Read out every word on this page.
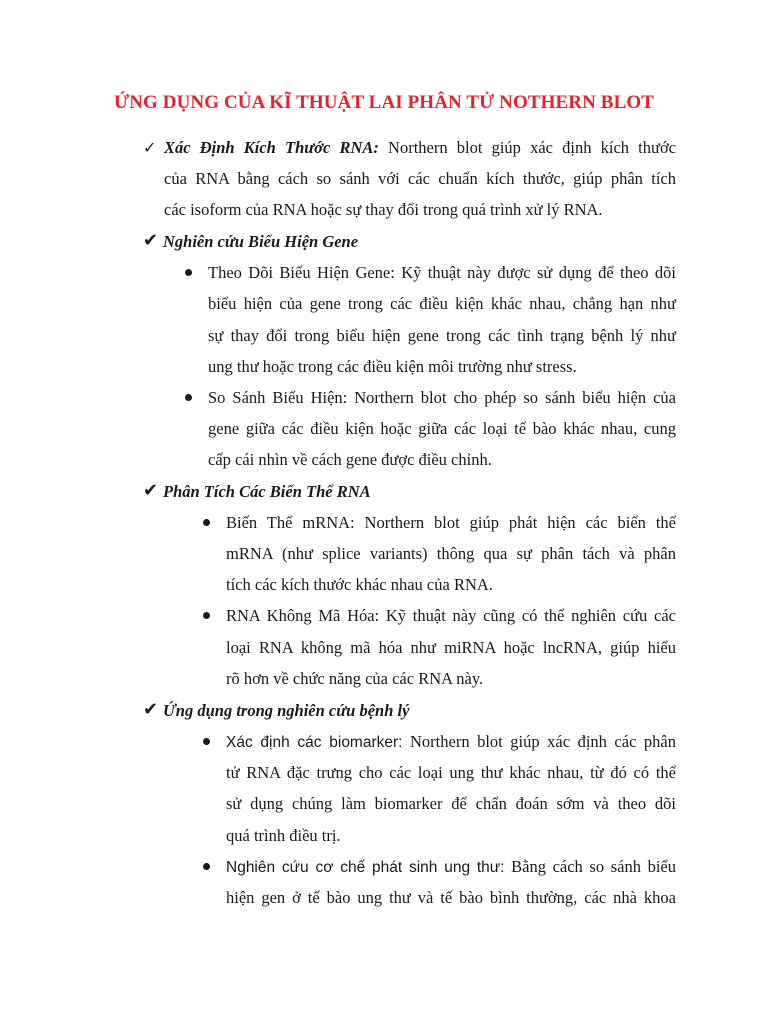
ỨNG DỤNG CỦA KĨ THUẬT LAI PHÂN TỬ NOTHERN BLOT
✓ Xác Định Kích Thước RNA: Northern blot giúp xác định kích thước
của RNA bằng cách so sánh với các chuẩn kích thước, giúp phân tích
các isoform của RNA hoặc sự thay đổi trong quá trình xử lý RNA.
✔ Nghiên cứu Biểu Hiện Gene
Theo Dõi Biểu Hiện Gene: Kỹ thuật này được sử dụng để theo dõi
biểu hiện của gene trong các điều kiện khác nhau, chẳng hạn như
sự thay đổi trong biểu hiện gene trong các tình trạng bệnh lý như
ung thư hoặc trong các điều kiện môi trường như stress.
So Sánh Biểu Hiện: Northern blot cho phép so sánh biểu hiện của
gene giữa các điều kiện hoặc giữa các loại tế bào khác nhau, cung
cấp cái nhìn về cách gene được điều chỉnh.
✔ Phân Tích Các Biến Thể RNA
Biến Thể mRNA: Northern blot giúp phát hiện các biến thể
mRNA (như splice variants) thông qua sự phân tách và phân
tích các kích thước khác nhau của RNA.
RNA Không Mã Hóa: Kỹ thuật này cũng có thể nghiên cứu các
loại RNA không mã hóa như miRNA hoặc lncRNA, giúp hiểu
rõ hơn về chức năng của các RNA này.
✔ Ứng dụng trong nghiên cứu bệnh lý
Xác định các biomarker: Northern blot giúp xác định các phân
tử RNA đặc trưng cho các loại ung thư khác nhau, từ đó có thể
sử dụng chúng làm biomarker để chẩn đoán sớm và theo dõi
quá trình điều trị.
Nghiên cứu cơ chế phát sinh ung thư: Bằng cách so sánh biểu
hiện gen ở tế bào ung thư và tế bào bình thường, các nhà khoa
